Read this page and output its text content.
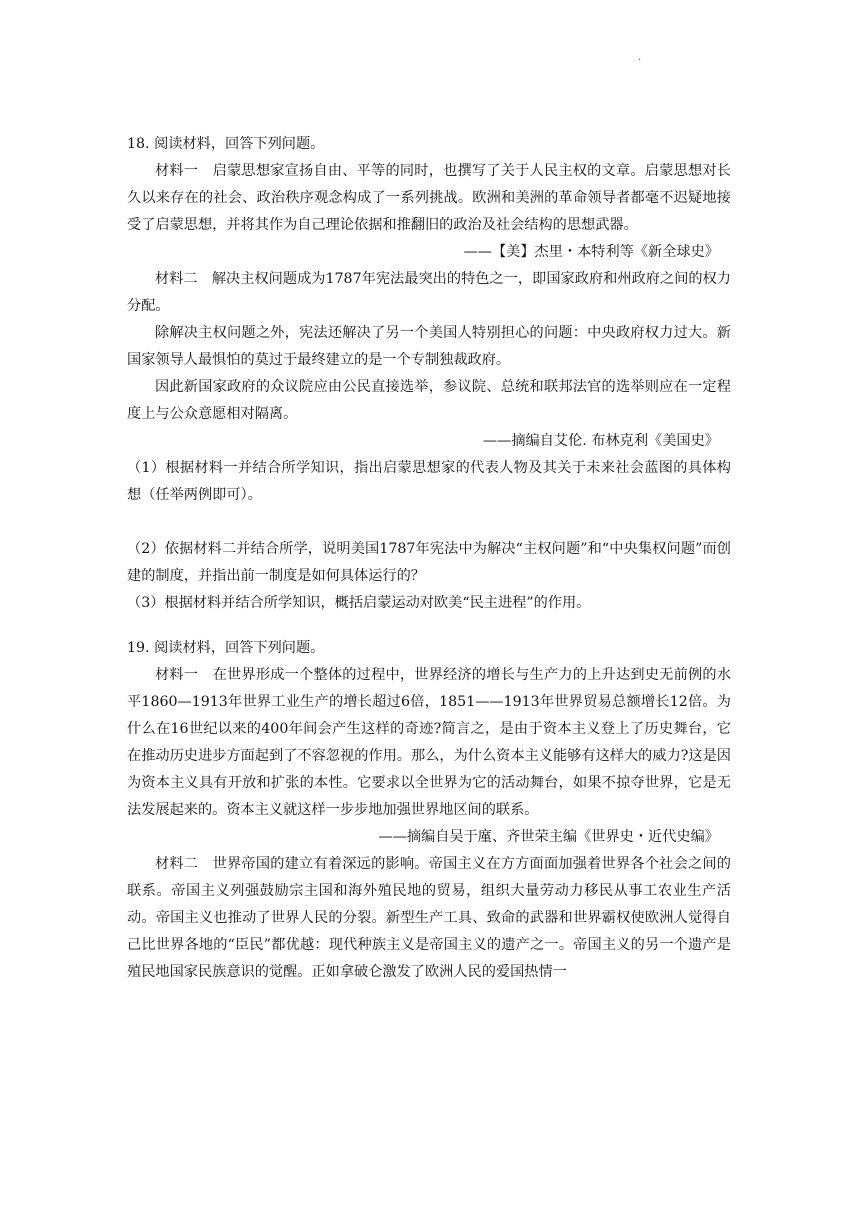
.

18. 阅读材料，回答下列问题。

材料一　启蒙思想家宣扬自由、平等的同时，也撰写了关于人民主权的文章。启蒙思想对长久以来存在的社会、政治秩序观念构成了一系列挑战。欧洲和美洲的革命领导者都毫不迟疑地接受了启蒙思想，并将其作为自己理论依据和推翻旧的政治及社会结构的思想武器。

——【美】杰里・本特利等《新全球史》

材料二　解决主权问题成为1787年宪法最突出的特色之一，即国家政府和州政府之间的权力分配。

除解决主权问题之外，宪法还解决了另一个美国人特别担心的问题：中央政府权力过大。新国家领导人最惧怕的莫过于最终建立的是一个专制独裁政府。

因此新国家政府的众议院应由公民直接选举，参议院、总统和联邦法官的选举则应在一定程度上与公众意愿相对隔离。

——摘编自艾伦. 布林克利《美国史》

（1）根据材料一并结合所学知识，指出启蒙思想家的代表人物及其关于未来社会蓝图的具体构想（任举两例即可）。

（2）依据材料二并结合所学，说明美国1787年宪法中为解决“主权问题”和“中央集权问题”而创建的制度，并指出前一制度是如何具体运行的？

（3）根据材料并结合所学知识，概括启蒙运动对欧美“民主进程”的作用。

19. 阅读材料，回答下列问题。

材料一　在世界形成一个整体的过程中，世界经济的增长与生产力的上升达到史无前例的水平1860—1913年世界工业生产的增长超过6倍，1851——1913年世界贸易总额增长12倍。为什么在16世纪以来的400年间会产生这样的奇迹?简言之，是由于资本主义登上了历史舞台，它在推动历史进步方面起到了不容忽视的作用。那么，为什么资本主义能够有这样大的威力?这是因为资本主义具有开放和扩张的本性。它要求以全世界为它的活动舞台，如果不掠夺世界，它是无法发展起来的。资本主义就这样一步步地加强世界地区间的联系。

——摘编自吴于廑、齐世荣主编《世界史・近代史编》

材料二　世界帝国的建立有着深远的影响。帝国主义在方方面面加强着世界各个社会之间的联系。帝国主义列强鼓励宗主国和海外殖民地的贸易，组织大量劳动力移民从事工农业生产活动。帝国主义也推动了世界人民的分裂。新型生产工具、致命的武器和世界霸权使欧洲人觉得自己比世界各地的“臣民”都优越：现代种族主义是帝国主义的遗产之一。帝国主义的另一个遗产是殖民地国家民族意识的觉醒。正如拿破仑激发了欧洲人民的爱国热情一
